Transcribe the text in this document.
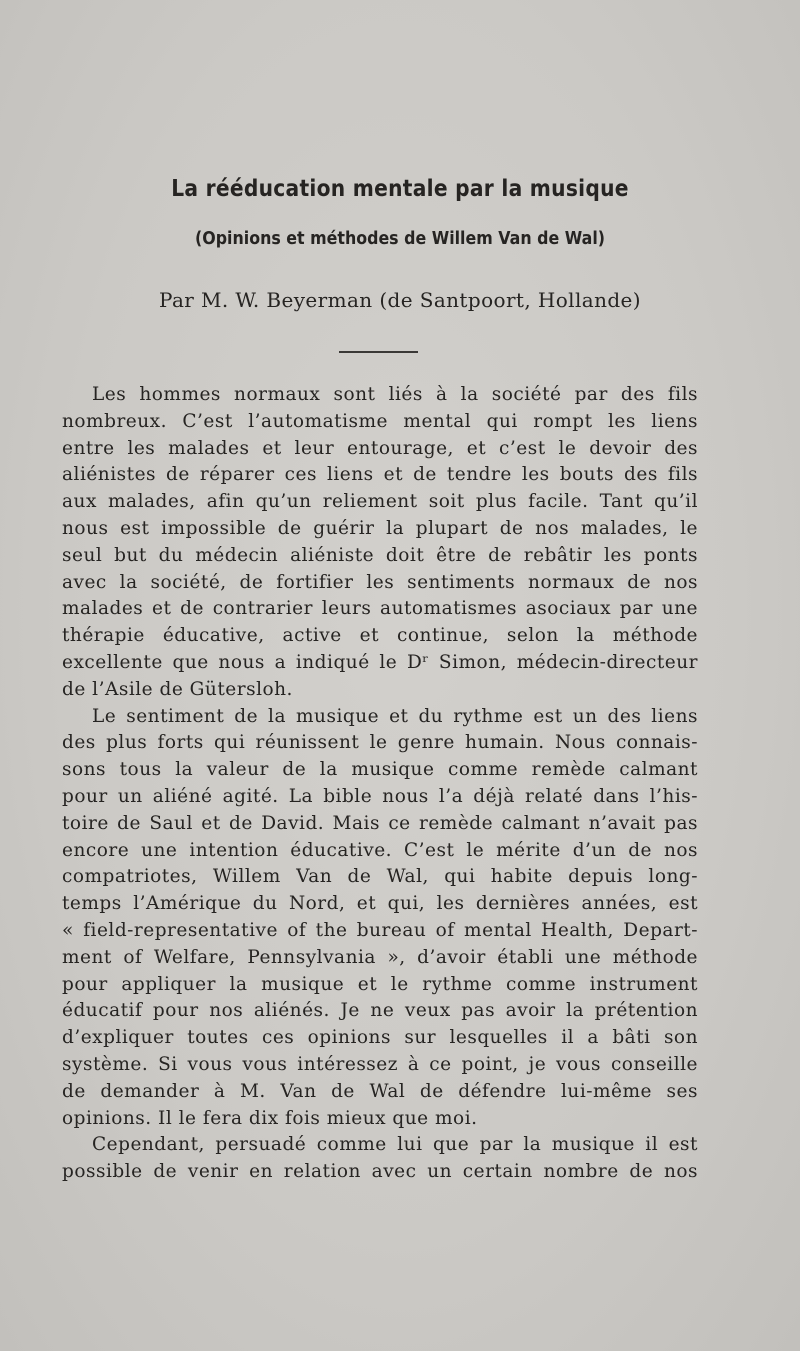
La rééducation mentale par la musique
(Opinions et méthodes de Willem Van de Wal)
Par M. W. Beyerman (de Santpoort, Hollande)
Les hommes normaux sont liés à la société par des fils
nombreux. C’est l’automatisme mental qui rompt les liens
entre les malades et leur entourage, et c’est le devoir des
aliénistes de réparer ces liens et de tendre les bouts des fils
aux malades, afin qu’un reliement soit plus facile. Tant qu’il
nous est impossible de guérir la plupart de nos malades, le
seul but du médecin aliéniste doit être de rebâtir les ponts
avec la société, de fortifier les sentiments normaux de nos
malades et de contrarier leurs automatismes asociaux par une
thérapie éducative, active et continue, selon la méthode
excellente que nous a indiqué le Dʳ Simon, médecin-directeur
de l’Asile de Gütersloh.
Le sentiment de la musique et du rythme est un des liens
des plus forts qui réunissent le genre humain. Nous connais-
sons tous la valeur de la musique comme remède calmant
pour un aliéné agité. La bible nous l’a déjà relaté dans l’his-
toire de Saul et de David. Mais ce remède calmant n’avait pas
encore une intention éducative. C’est le mérite d’un de nos
compatriotes, Willem Van de Wal, qui habite depuis long-
temps l’Amérique du Nord, et qui, les dernières années, est
« field-representative of the bureau of mental Health, Depart-
ment of Welfare, Pennsylvania », d’avoir établi une méthode
pour appliquer la musique et le rythme comme instrument
éducatif pour nos aliénés. Je ne veux pas avoir la prétention
d’expliquer toutes ces opinions sur lesquelles il a bâti son
système. Si vous vous intéressez à ce point, je vous conseille
de demander à M. Van de Wal de défendre lui-même ses
opinions. Il le fera dix fois mieux que moi.
Cependant, persuadé comme lui que par la musique il est
possible de venir en relation avec un certain nombre de nos
